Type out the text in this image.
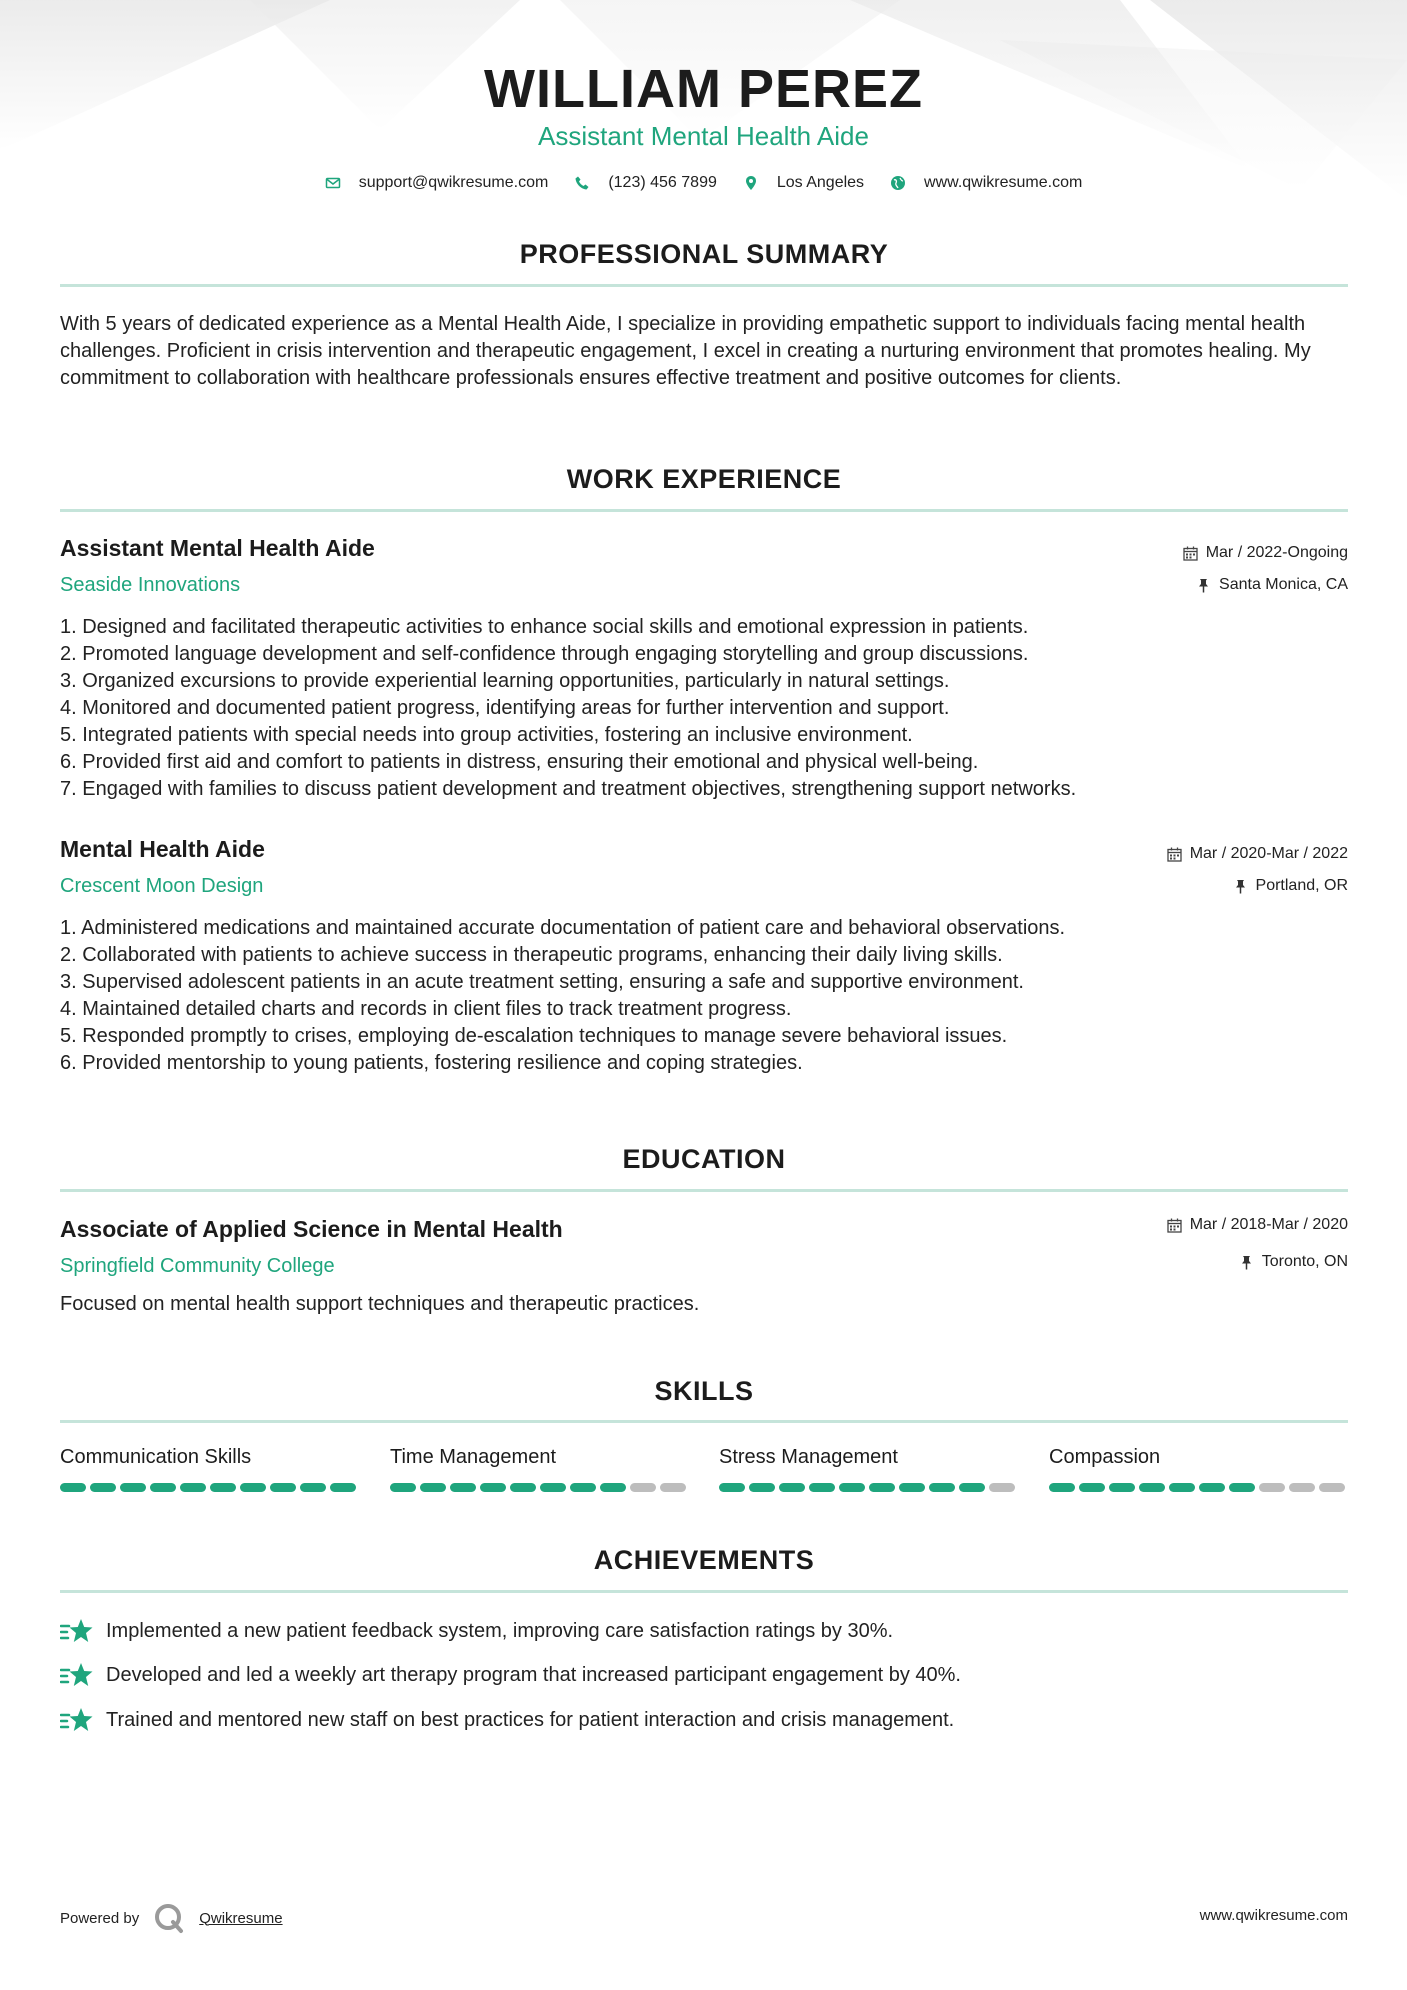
WILLIAM PEREZ
Assistant Mental Health Aide
support@qwikresume.com	(123) 456 7899	Los Angeles	www.qwikresume.com
PROFESSIONAL SUMMARY
With 5 years of dedicated experience as a Mental Health Aide, I specialize in providing empathetic support to individuals facing mental health challenges. Proficient in crisis intervention and therapeutic engagement, I excel in creating a nurturing environment that promotes healing. My commitment to collaboration with healthcare professionals ensures effective treatment and positive outcomes for clients.
WORK EXPERIENCE
Assistant Mental Health Aide
Seaside Innovations
Mar / 2022-Ongoing
Santa Monica, CA
1. Designed and facilitated therapeutic activities to enhance social skills and emotional expression in patients.
2. Promoted language development and self-confidence through engaging storytelling and group discussions.
3. Organized excursions to provide experiential learning opportunities, particularly in natural settings.
4. Monitored and documented patient progress, identifying areas for further intervention and support.
5. Integrated patients with special needs into group activities, fostering an inclusive environment.
6. Provided first aid and comfort to patients in distress, ensuring their emotional and physical well-being.
7. Engaged with families to discuss patient development and treatment objectives, strengthening support networks.
Mental Health Aide
Crescent Moon Design
Mar / 2020-Mar / 2022
Portland, OR
1. Administered medications and maintained accurate documentation of patient care and behavioral observations.
2. Collaborated with patients to achieve success in therapeutic programs, enhancing their daily living skills.
3. Supervised adolescent patients in an acute treatment setting, ensuring a safe and supportive environment.
4. Maintained detailed charts and records in client files to track treatment progress.
5. Responded promptly to crises, employing de-escalation techniques to manage severe behavioral issues.
6. Provided mentorship to young patients, fostering resilience and coping strategies.
EDUCATION
Associate of Applied Science in Mental Health
Springfield Community College
Mar / 2018-Mar / 2020
Toronto, ON
Focused on mental health support techniques and therapeutic practices.
SKILLS
Communication Skills	Time Management	Stress Management	Compassion
ACHIEVEMENTS
Implemented a new patient feedback system, improving care satisfaction ratings by 30%.
Developed and led a weekly art therapy program that increased participant engagement by 40%.
Trained and mentored new staff on best practices for patient interaction and crisis management.
Powered by	Qwikresume	www.qwikresume.com
